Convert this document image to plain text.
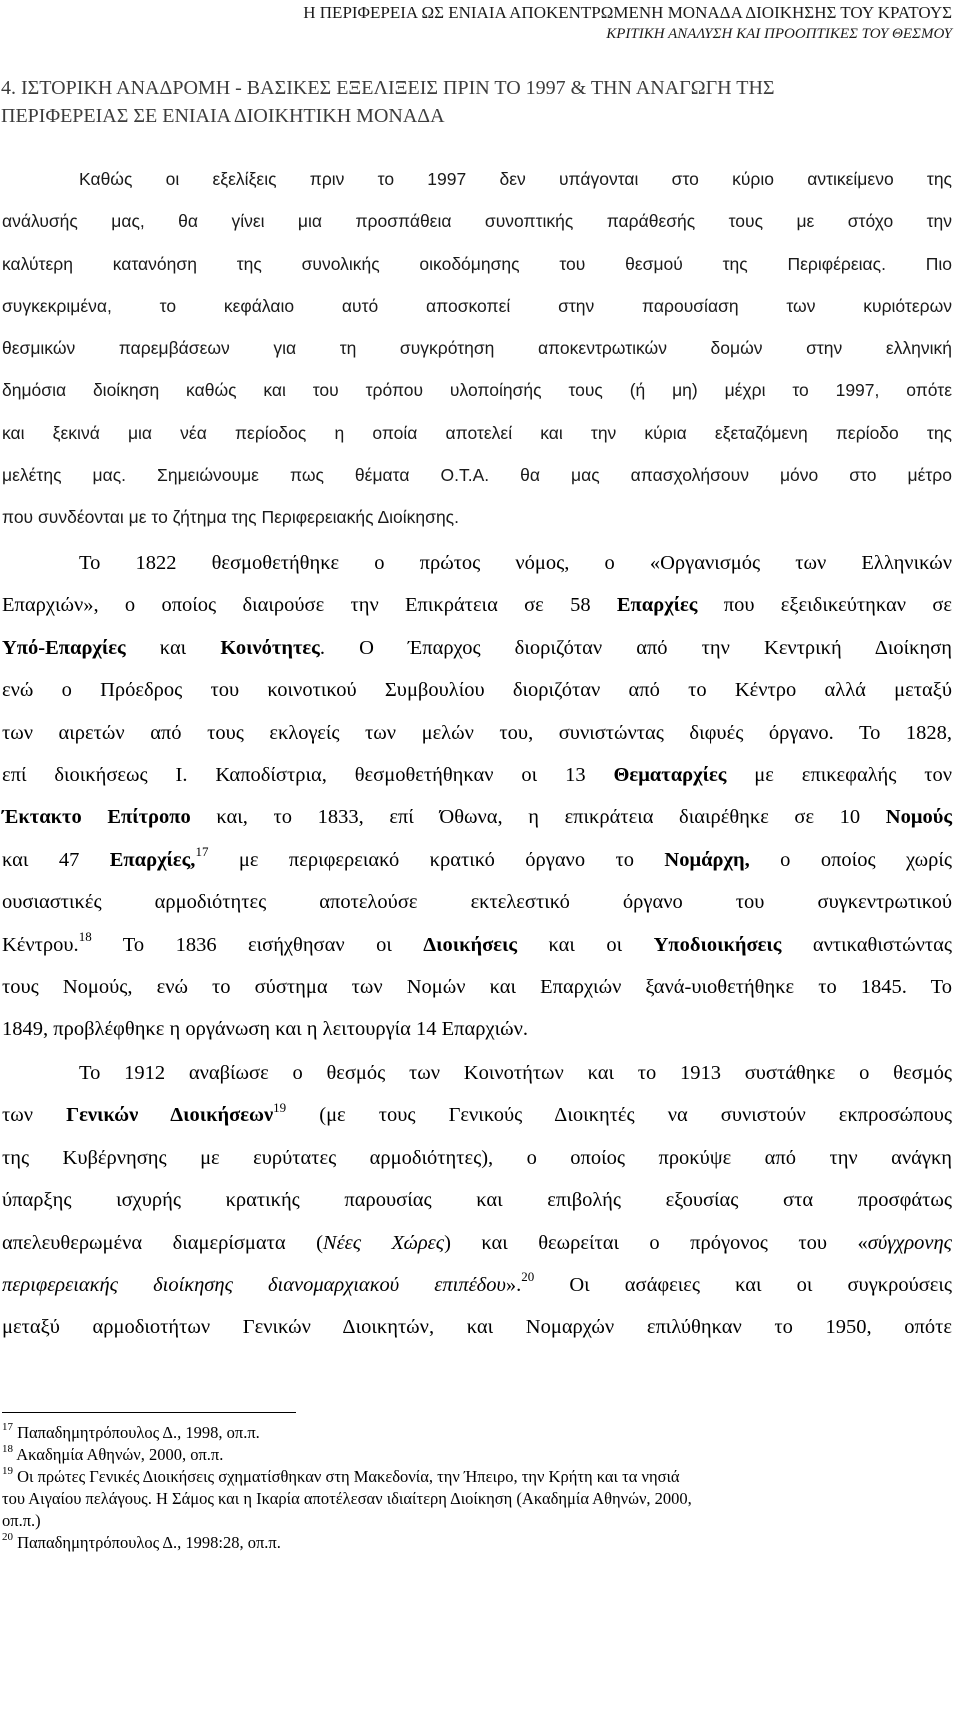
Η ΠΕΡΙΦΕΡΕΙΑ ΩΣ ΕΝΙΑΙΑ ΑΠΟΚΕΝΤΡΩΜΕΝΗ ΜΟΝΑΔΑ ΔΙΟΙΚΗΣΗΣ ΤΟΥ ΚΡΑΤΟΥΣ
ΚΡΙΤΙΚΗ ΑΝΑΛΥΣΗ ΚΑΙ ΠΡΟΟΠΤΙΚΕΣ ΤΟΥ ΘΕΣΜΟΥ
4. ΙΣΤΟΡΙΚΗ ΑΝΑΔΡΟΜΗ - ΒΑΣΙΚΕΣ ΕΞΕΛΙΞΕΙΣ ΠΡΙΝ ΤΟ 1997 & ΤΗΝ ΑΝΑΓΩΓΗ ΤΗΣ
ΠΕΡΙΦΕΡΕΙΑΣ ΣΕ ΕΝΙΑΙΑ ΔΙΟΙΚΗΤΙΚΗ ΜΟΝΑΔΑ
Καθώς οι εξελίξεις πριν το 1997 δεν υπάγονται στο κύριο αντικείμενο της
ανάλυσής μας, θα γίνει μια προσπάθεια συνοπτικής παράθεσής τους με στόχο την
καλύτερη κατανόηση της συνολικής οικοδόμησης του θεσμού της Περιφέρειας. Πιο
συγκεκριμένα, το κεφάλαιο αυτό αποσκοπεί στην παρουσίαση των κυριότερων
θεσμικών παρεμβάσεων για τη συγκρότηση αποκεντρωτικών δομών στην ελληνική
δημόσια διοίκηση καθώς και του τρόπου υλοποίησής τους (ή μη) μέχρι το 1997, οπότε
και ξεκινά μια νέα περίοδος η οποία αποτελεί και την κύρια εξεταζόμενη περίοδο της
μελέτης μας. Σημειώνουμε πως θέματα Ο.Τ.Α. θα μας απασχολήσουν μόνο στο μέτρο
που συνδέονται με το ζήτημα της Περιφερειακής Διοίκησης.
Το 1822 θεσμοθετήθηκε ο πρώτος νόμος, ο «Οργανισμός των Ελληνικών
Επαρχιών», ο οποίος διαιρούσε την Επικράτεια σε 58 Επαρχίες που εξειδικεύτηκαν σε
Υπό-Επαρχίες και Κοινότητες. Ο Έπαρχος διοριζόταν από την Κεντρική Διοίκηση
ενώ ο Πρόεδρος του κοινοτικού Συμβουλίου διοριζόταν από το Κέντρο αλλά μεταξύ
των αιρετών από τους εκλογείς των μελών του, συνιστώντας διφυές όργανο. Το 1828,
επί διοικήσεως Ι. Καποδίστρια, θεσμοθετήθηκαν οι 13 Θεματαρχίες με επικεφαλής τον
Έκτακτο Επίτροπο και, το 1833, επί Όθωνα, η επικράτεια διαιρέθηκε σε 10 Νομούς
και 47 Επαρχίες,$^{17}$ με περιφερειακό κρατικό όργανο το Νομάρχη, ο οποίος χωρίς
ουσιαστικές αρμοδιότητες αποτελούσε εκτελεστικό όργανο του συγκεντρωτικού
Κέντρου.$^{18}$ Το 1836 εισήχθησαν οι Διοικήσεις και οι Υποδιοικήσεις αντικαθιστώντας
τους Νομούς, ενώ το σύστημα των Νομών και Επαρχιών ξανά-υιοθετήθηκε το 1845. Το
1849, προβλέφθηκε η οργάνωση και η λειτουργία 14 Επαρχιών.
Το 1912 αναβίωσε ο θεσμός των Κοινοτήτων και το 1913 συστάθηκε ο θεσμός
των Γενικών Διοικήσεων$^{19}$ (με τους Γενικούς Διοικητές να συνιστούν εκπροσώπους
της Κυβέρνησης με ευρύτατες αρμοδιότητες), ο οποίος προκύψε από την ανάγκη
ύπαρξης ισχυρής κρατικής παρουσίας και επιβολής εξουσίας στα προσφάτως
απελευθερωμένα διαμερίσματα (Νέες Χώρες) και θεωρείται ο πρόγονος του «σύγχρονης
περιφερειακής διοίκησης διανομαρχιακού επιπέδου».$^{20}$ Οι ασάφειες και οι συγκρούσεις
μεταξύ αρμοδιοτήτων Γενικών Διοικητών, και Νομαρχών επιλύθηκαν το 1950, οπότε
$^{17}$ Παπαδημητρόπουλος Δ., 1998, οπ.π.
$^{18}$ Ακαδημία Αθηνών, 2000, οπ.π.
$^{19}$ Οι πρώτες Γενικές Διοικήσεις σχηματίσθηκαν στη Μακεδονία, την Ήπειρο, την Κρήτη και τα νησιά
του Αιγαίου πελάγους. Η Σάμος και η Ικαρία αποτέλεσαν ιδιαίτερη Διοίκηση (Ακαδημία Αθηνών, 2000,
οπ.π.)
$^{20}$ Παπαδημητρόπουλος Δ., 1998:28, οπ.π.
